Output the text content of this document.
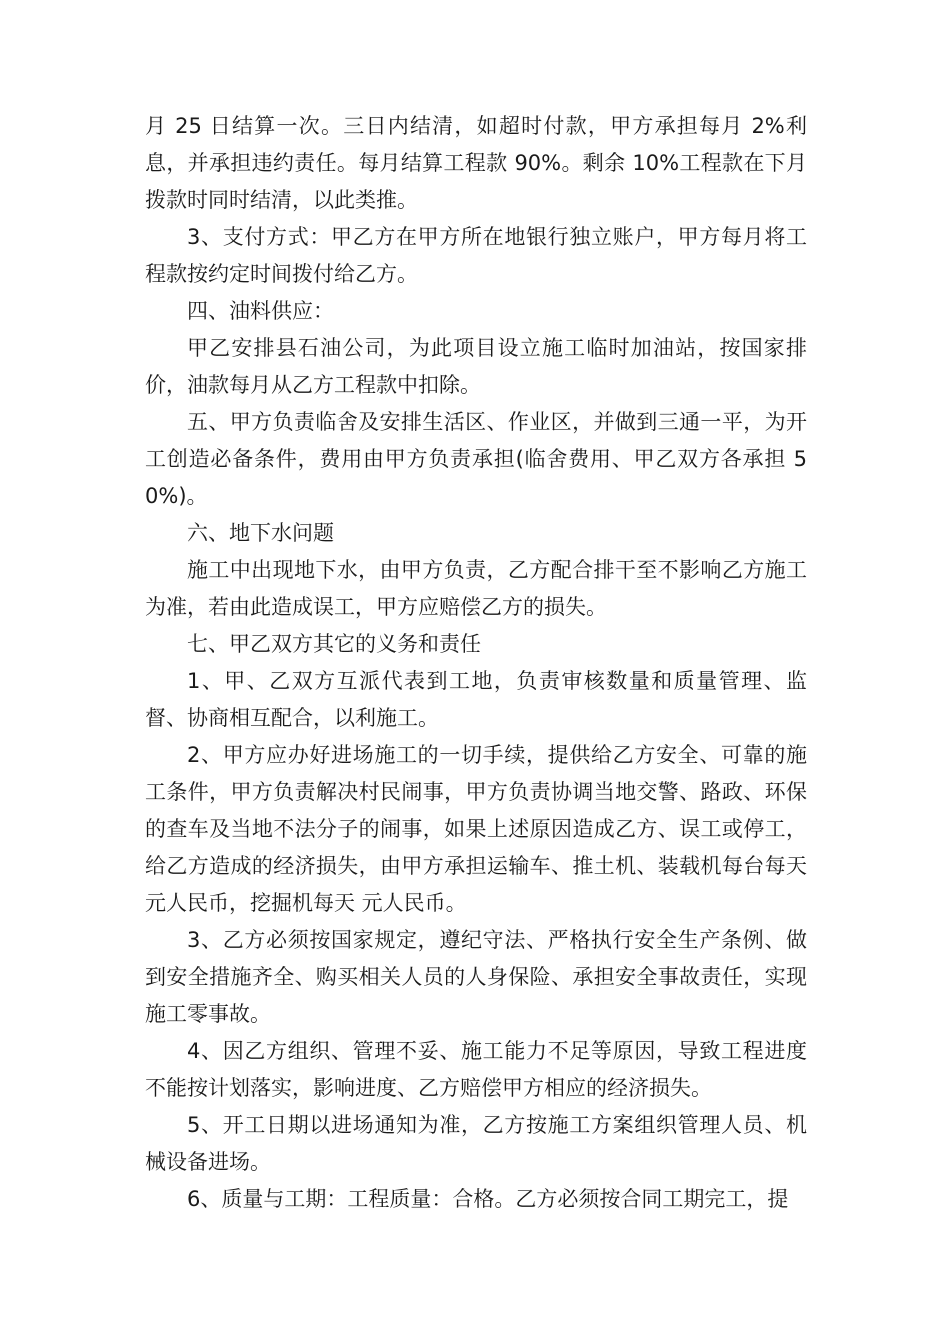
月 25 日结算一次。三日内结清，如超时付款，甲方承担每月 2%利息，并承担违约责任。每月结算工程款 90%。剩余 10%工程款在下月拨款时同时结清，以此类推。

3、支付方式：甲乙方在甲方所在地银行独立账户，甲方每月将工程款按约定时间拨付给乙方。

四、油料供应：

甲乙安排县石油公司，为此项目设立施工临时加油站，按国家排价，油款每月从乙方工程款中扣除。

五、甲方负责临舍及安排生活区、作业区，并做到三通一平，为开工创造必备条件，费用由甲方负责承担(临舍费用、甲乙双方各承担 50%)。

六、地下水问题

施工中出现地下水，由甲方负责，乙方配合排干至不影响乙方施工为准，若由此造成误工，甲方应赔偿乙方的损失。

七、甲乙双方其它的义务和责任

1、甲、乙双方互派代表到工地，负责审核数量和质量管理、监督、协商相互配合，以利施工。

2、甲方应办好进场施工的一切手续，提供给乙方安全、可靠的施工条件，甲方负责解决村民闹事，甲方负责协调当地交警、路政、环保的查车及当地不法分子的闹事，如果上述原因造成乙方、误工或停工，给乙方造成的经济损失，由甲方承担运输车、推土机、装载机每台每天 元人民币，挖掘机每天 元人民币。

3、乙方必须按国家规定，遵纪守法、严格执行安全生产条例、做到安全措施齐全、购买相关人员的人身保险、承担安全事故责任，实现施工零事故。

4、因乙方组织、管理不妥、施工能力不足等原因，导致工程进度不能按计划落实，影响进度、乙方赔偿甲方相应的经济损失。

5、开工日期以进场通知为准，乙方按施工方案组织管理人员、机械设备进场。

6、质量与工期：工程质量：合格。乙方必须按合同工期完工，提
